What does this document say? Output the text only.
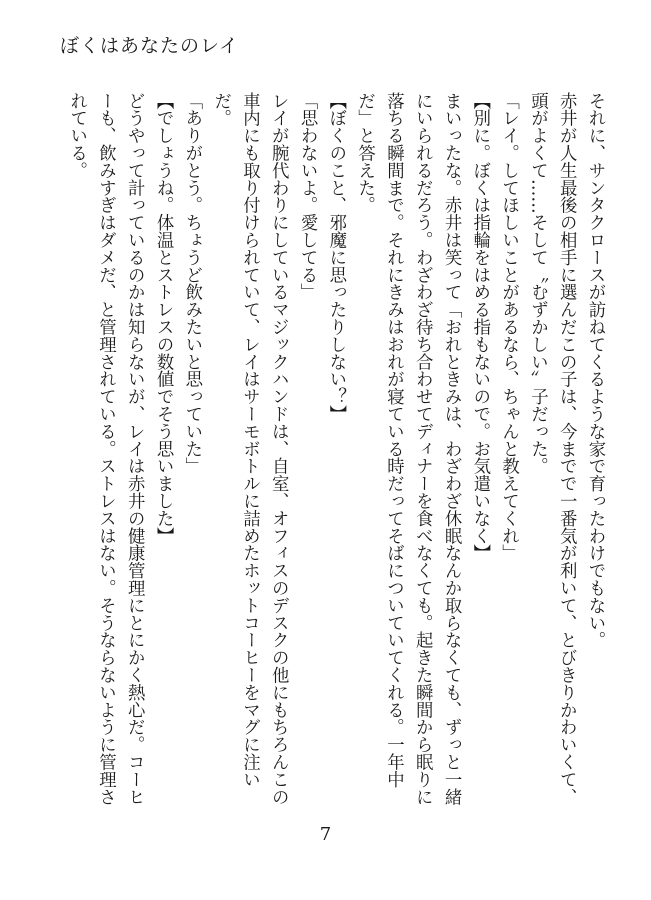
ぼくはあなたのレイ

それに、サンタクロースが訪ねてくるような家で育ったわけでもない。

赤井が人生最後の相手に選んだこの子は、今までで一番気が利いて、とびきりかわいくて、頭がよくて……そして〝むずかしい〟子だった。

「レイ。してほしいことがあるなら、ちゃんと教えてくれ」

【別に。ぼくは指輪をはめる指もないので。お気遣いなく】

まいったな。赤井は笑って「おれときみは、わざわざ休眠なんか取らなくても、ずっと一緒にいられるだろう。わざわざ待ち合わせてディナーを食べなくても。起きた瞬間から眠りに落ちる瞬間まで。それにきみはおれが寝ている時だってそばについていてくれる。一年中だ」と答えた。

【ぼくのこと、邪魔に思ったりしない？】

「思わないよ。愛してる」

レイが腕代わりにしているマジックハンドは、自室、オフィスのデスクの他にもちろんこの車内にも取り付けられていて、レイはサーモボトルに詰めたホットコーヒーをマグに注いだ。

「ありがとう。ちょうど飲みたいと思っていた」

【でしょうね。体温とストレスの数値でそう思いました】

どうやって計っているのかは知らないが、レイは赤井の健康管理にとにかく熱心だ。コーヒーも、飲みすぎはダメだ、と管理されている。ストレスはない。そうならないように管理されている。

7
